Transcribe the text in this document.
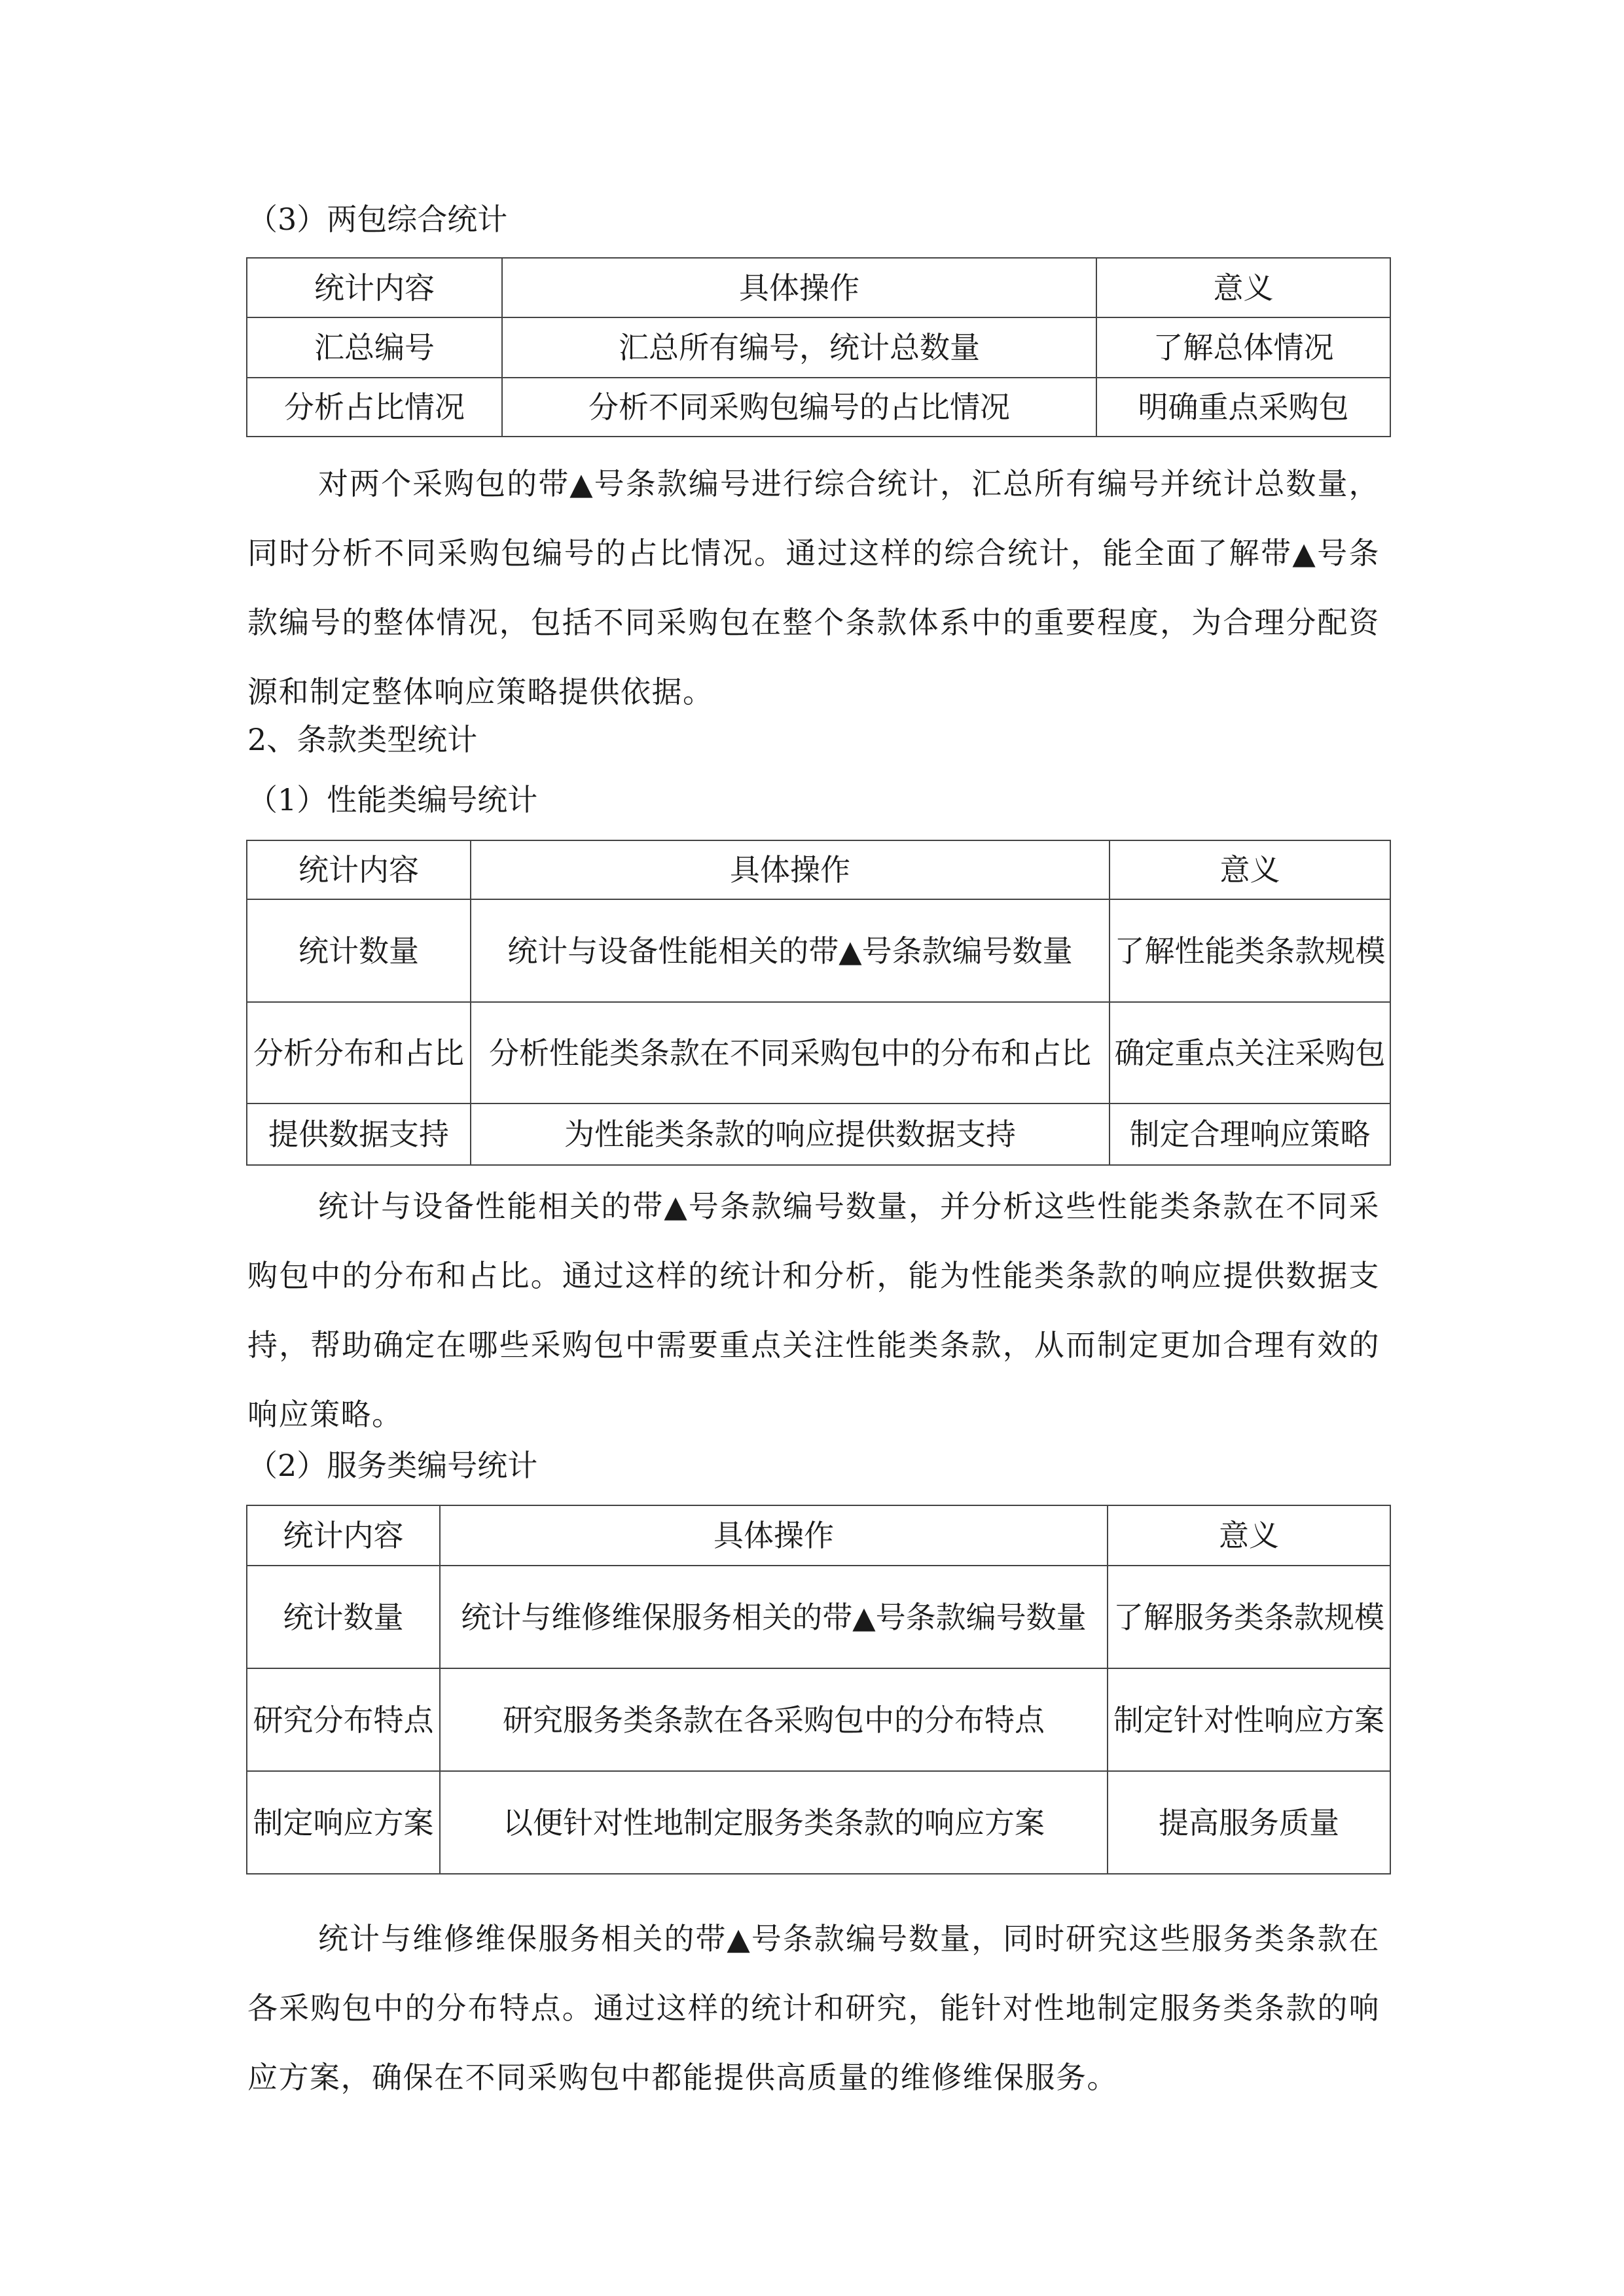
（3）两包综合统计
统计内容	具体操作	意义
汇总编号	汇总所有编号，统计总数量	了解总体情况
分析占比情况	分析不同采购包编号的占比情况	明确重点采购包

对两个采购包的带▲号条款编号进行综合统计，汇总所有编号并统计总数量，同时分析不同采购包编号的占比情况。通过这样的综合统计，能全面了解带▲号条款编号的整体情况，包括不同采购包在整个条款体系中的重要程度，为合理分配资源和制定整体响应策略提供依据。

2、条款类型统计
（1）性能类编号统计
统计内容	具体操作	意义
统计数量	统计与设备性能相关的带▲号条款编号数量	了解性能类条款规模
分析分布和占比	分析性能类条款在不同采购包中的分布和占比	确定重点关注采购包
提供数据支持	为性能类条款的响应提供数据支持	制定合理响应策略

统计与设备性能相关的带▲号条款编号数量，并分析这些性能类条款在不同采购包中的分布和占比。通过这样的统计和分析，能为性能类条款的响应提供数据支持，帮助确定在哪些采购包中需要重点关注性能类条款，从而制定更加合理有效的响应策略。

（2）服务类编号统计
统计内容	具体操作	意义
统计数量	统计与维修维保服务相关的带▲号条款编号数量	了解服务类条款规模
研究分布特点	研究服务类条款在各采购包中的分布特点	制定针对性响应方案
制定响应方案	以便针对性地制定服务类条款的响应方案	提高服务质量

统计与维修维保服务相关的带▲号条款编号数量，同时研究这些服务类条款在各采购包中的分布特点。通过这样的统计和研究，能针对性地制定服务类条款的响应方案，确保在不同采购包中都能提供高质量的维修维保服务。
